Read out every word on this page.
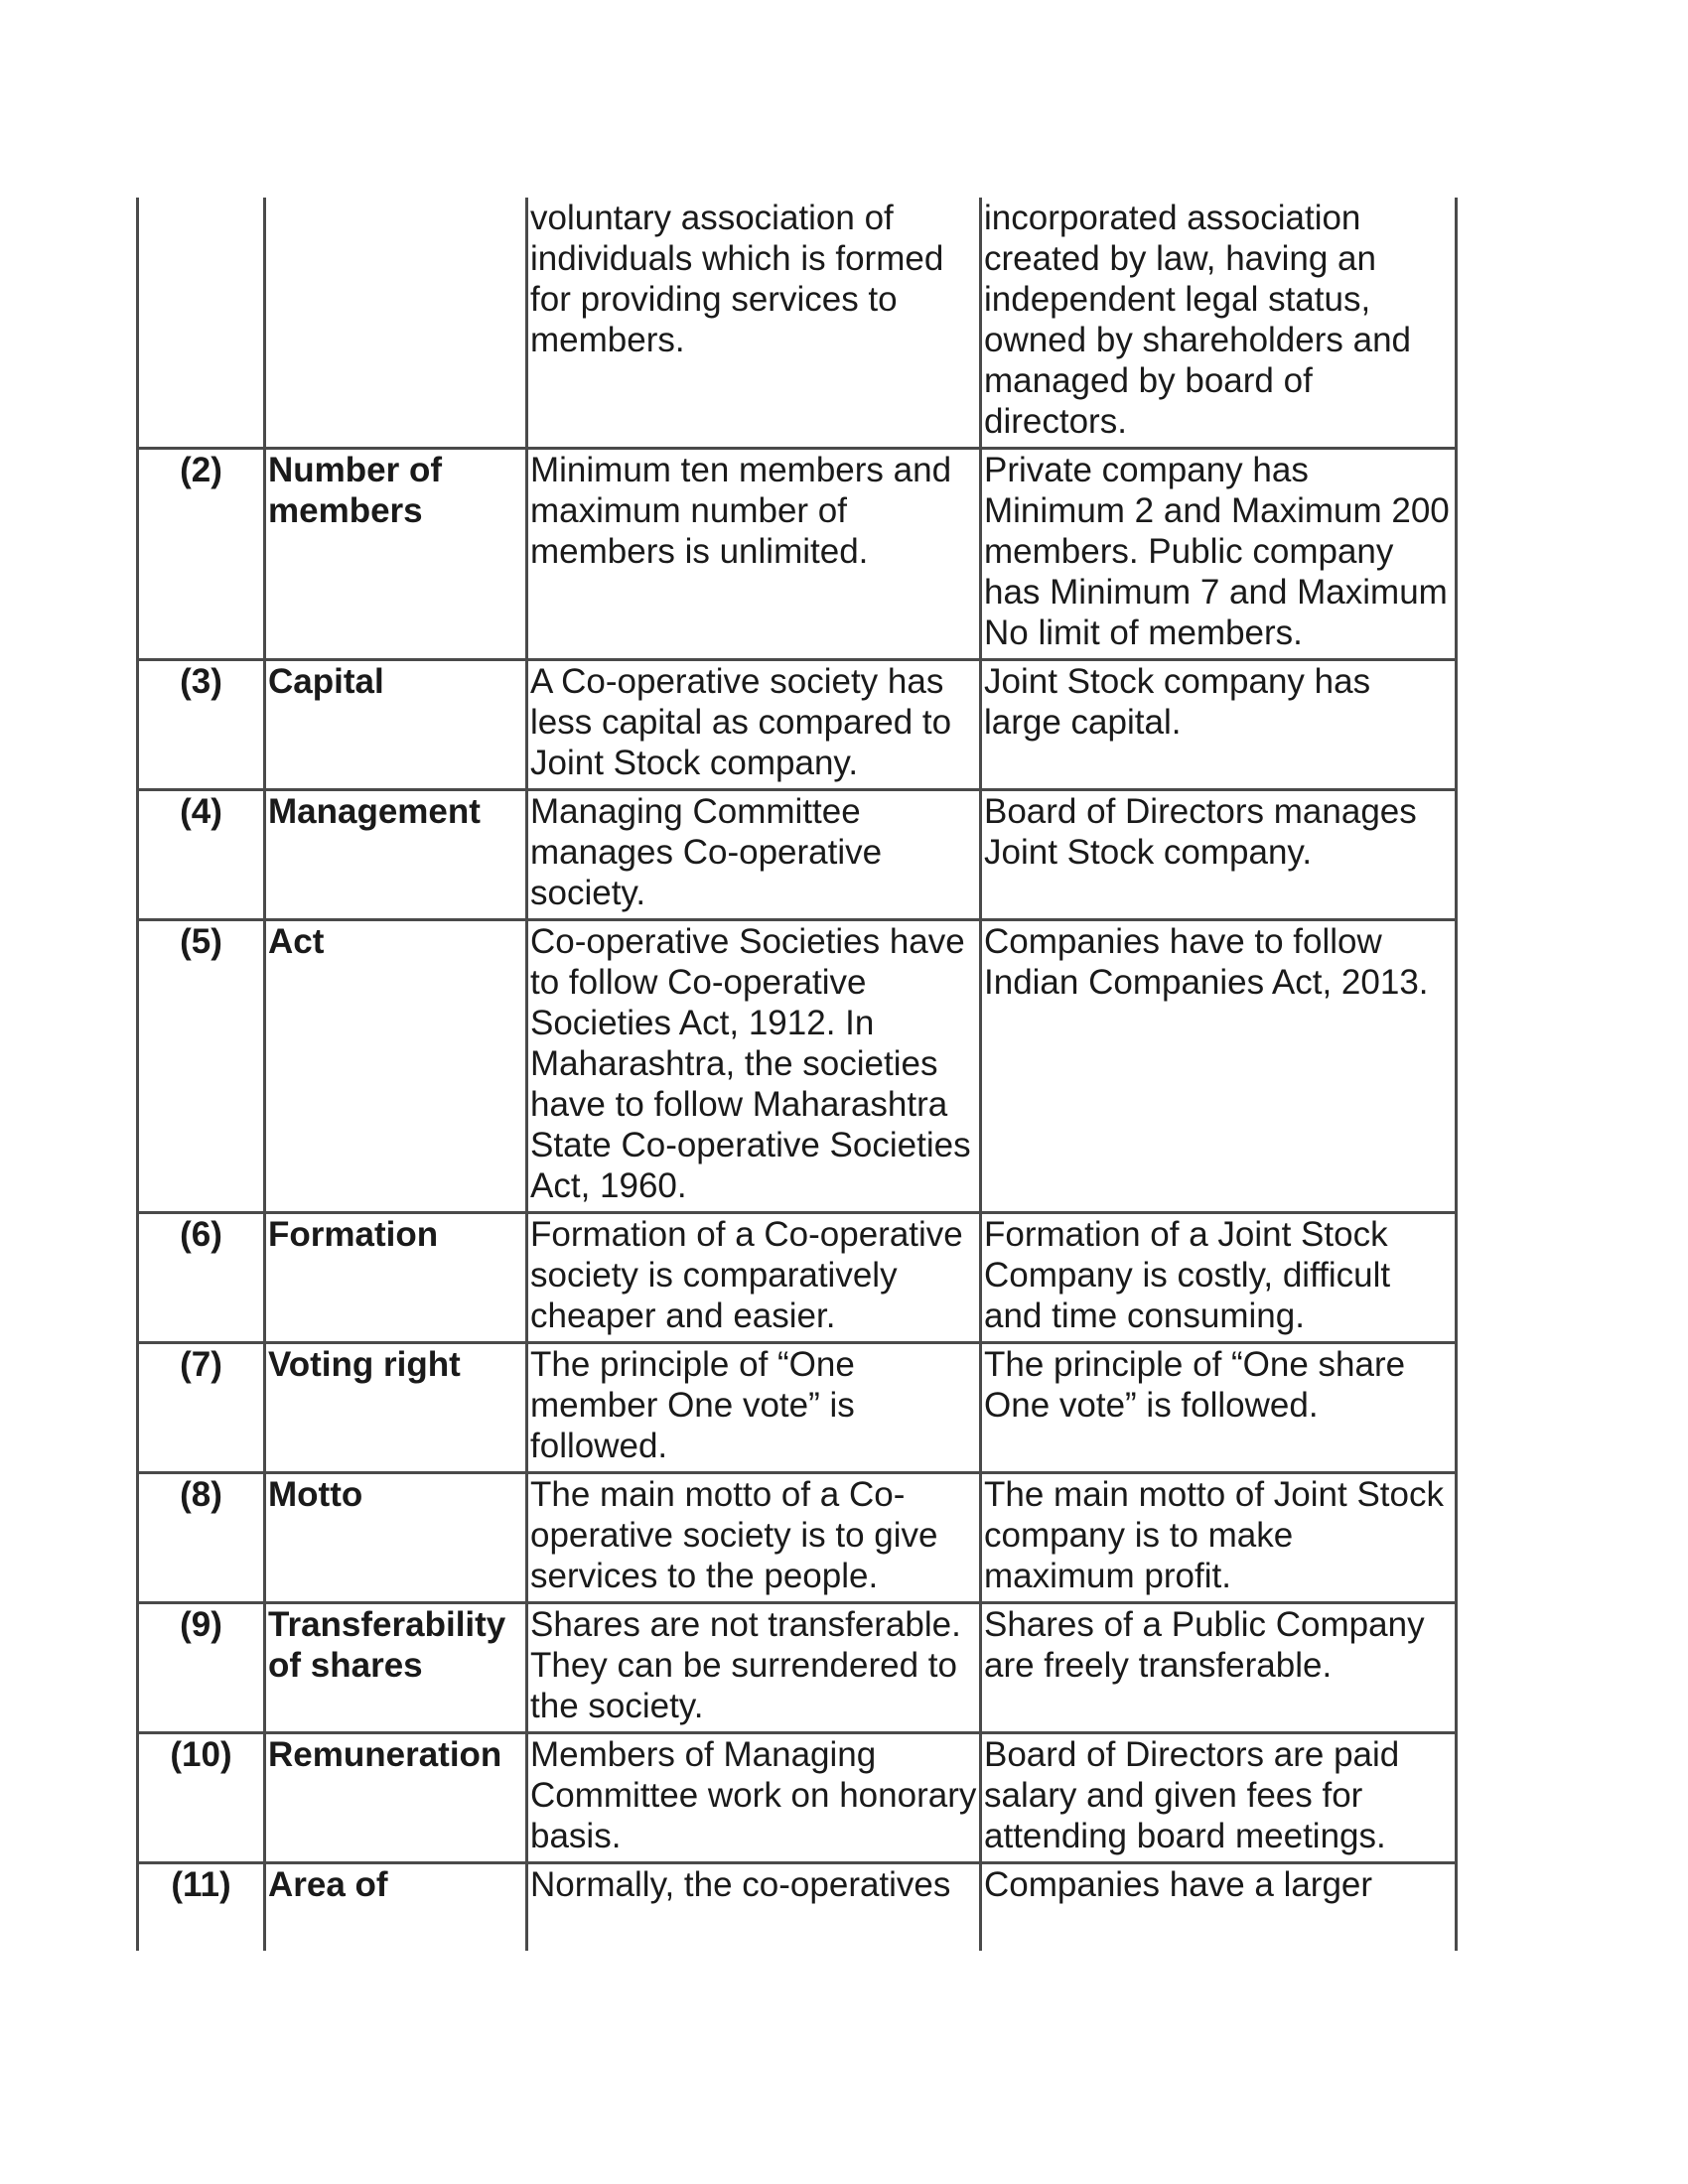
		voluntary association of individuals which is formed for providing services to members.	incorporated association created by law, having an independent legal status, owned by shareholders and managed by board of directors.
(2)	Number of members	Minimum ten members and maximum number of members is unlimited.	Private company has Minimum 2 and Maximum 200 members. Public company has Minimum 7 and Maximum No limit of members.
(3)	Capital	A Co-operative society has less capital as compared to Joint Stock company.	Joint Stock company has large capital.
(4)	Management	Managing Committee manages Co-operative society.	Board of Directors manages Joint Stock company.
(5)	Act	Co-operative Societies have to follow Co-operative Societies Act, 1912. In Maharashtra, the societies have to follow Maharashtra State Co-operative Societies Act, 1960.	Companies have to follow Indian Companies Act, 2013.
(6)	Formation	Formation of a Co-operative society is comparatively cheaper and easier.	Formation of a Joint Stock Company is costly, difficult and time consuming.
(7)	Voting right	The principle of “One member One vote” is followed.	The principle of “One share One vote” is followed.
(8)	Motto	The main motto of a Co-operative society is to give services to the people.	The main motto of Joint Stock company is to make maximum profit.
(9)	Transferability of shares	Shares are not transferable. They can be surrendered to the society.	Shares of a Public Company are freely transferable.
(10)	Remuneration	Members of Managing Committee work on honorary basis.	Board of Directors are paid salary and given fees for attending board meetings.
(11)	Area of	Normally, the co-operatives	Companies have a larger
